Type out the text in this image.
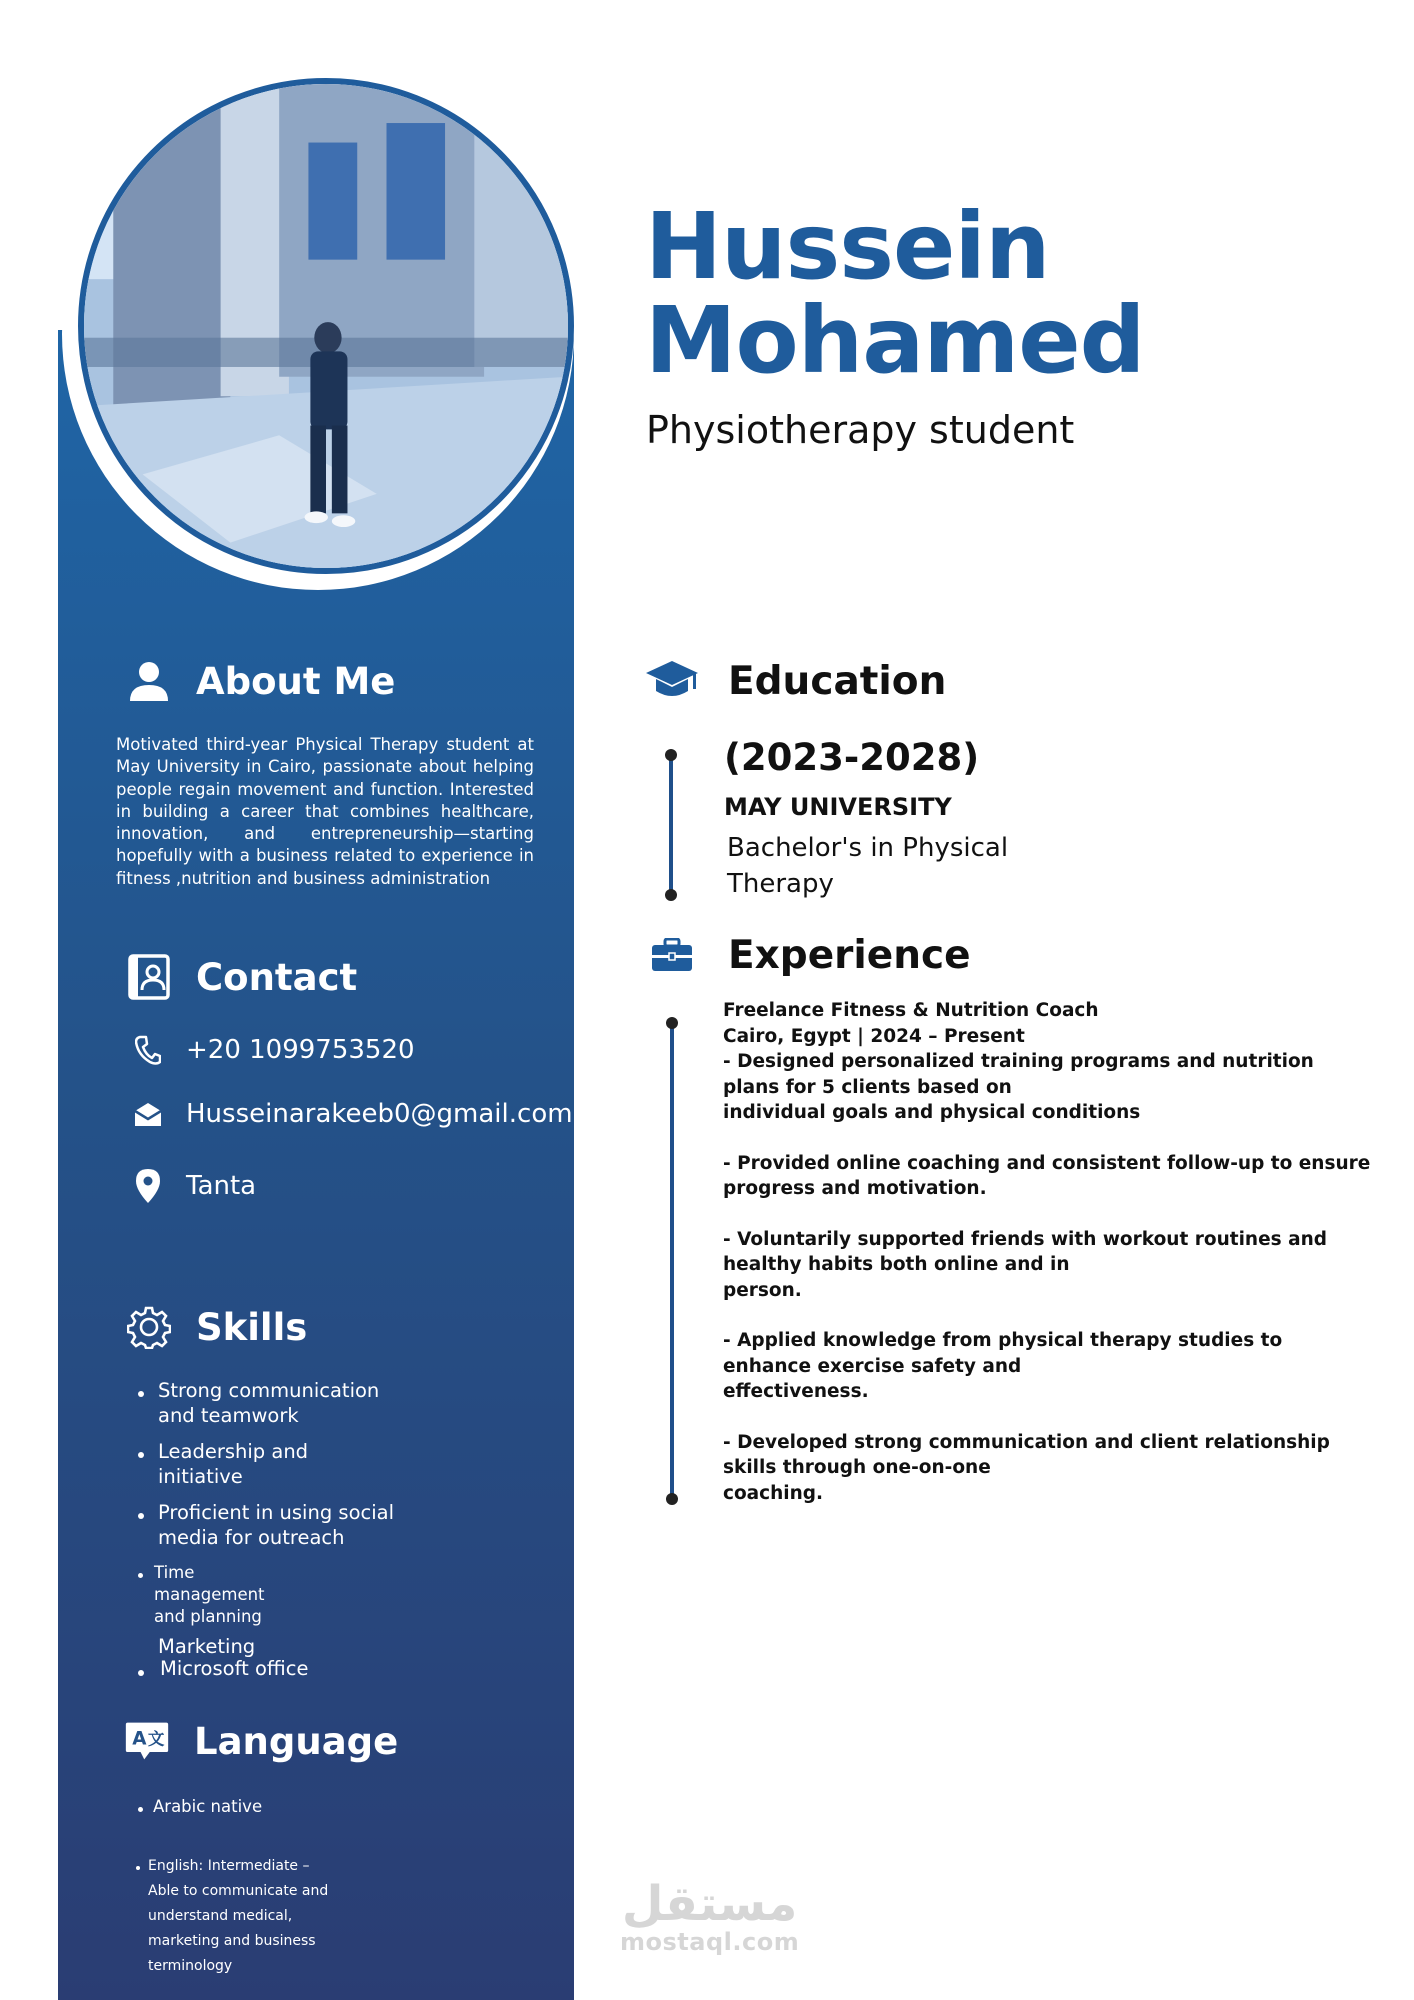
Hussein
Mohamed
Physiotherapy student
About Me
Motivated third-year Physical Therapy student at May University in Cairo, passionate about helping people regain movement and function. Interested in building a career that combines healthcare, innovation, and entrepreneurship—starting hopefully with a business related to experience in fitness ,nutrition and business administration
Contact
+20 1099753520
Husseinarakeeb0@gmail.com
Tanta
Skills
Strong communication and teamwork
Leadership and initiative
Proficient in using social media for outreach
Time management and planning
Marketing
Microsoft office
A 文 Language
Arabic native
English: Intermediate – Able to communicate and understand medical, marketing and business terminology
Education
(2023-2028)
MAY UNIVERSITY
Bachelor's in Physical Therapy
Experience

Freelance Fitness & Nutrition Coach

Cairo, Egypt | 2024 – Present

- Designed personalized training programs and nutrition plans for 5 clients based on
individual goals and physical conditions

- Provided online coaching and consistent follow-up to ensure progress and motivation.

- Voluntarily supported friends with workout routines and healthy habits both online and in
person.

- Applied knowledge from physical therapy studies to enhance exercise safety and
effectiveness.

- Developed strong communication and client relationship skills through one-on-one
coaching.

مستقل
mostaql.com
